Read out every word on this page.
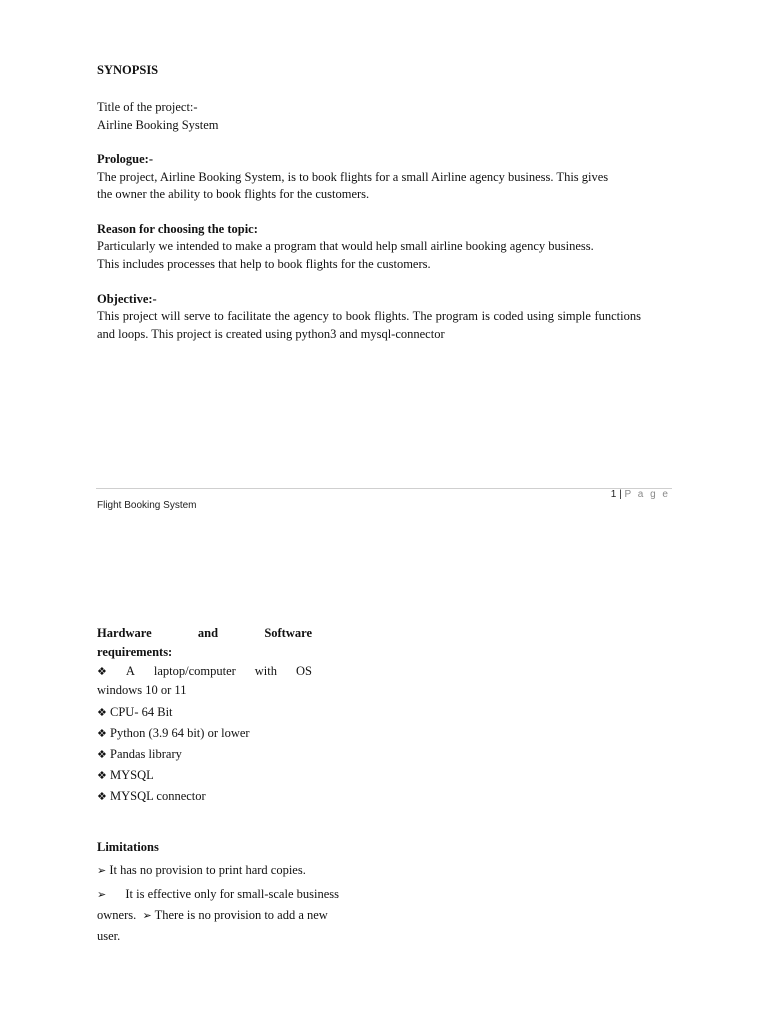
SYNOPSIS
Title of the project:-
Airline Booking System
Prologue:-
The project, Airline Booking System, is to book flights for a small Airline agency business. This gives
the owner the ability to book flights for the customers.
Reason for choosing the topic:
Particularly we intended to make a program that would help small airline booking agency business.
This includes processes that help to book flights for the customers.
Objective:-
This project will serve to facilitate the agency to book flights. The program is coded using simple functions and loops. This project is created using python3 and mysql-connector
1 | P a g e
Flight Booking System
Hardware	and	Software
requirements:
❖ A laptop/computer with OS
windows 10 or 11
❖ CPU- 64 Bit
❖ Python (3.9 64 bit) or lower
❖ Pandas library
❖ MYSQL
❖ MYSQL connector
Limitations
➢ It has no provision to print hard copies.
➢ It is effective only for small-scale business
owners. ➢ There is no provision to add a new
user.
